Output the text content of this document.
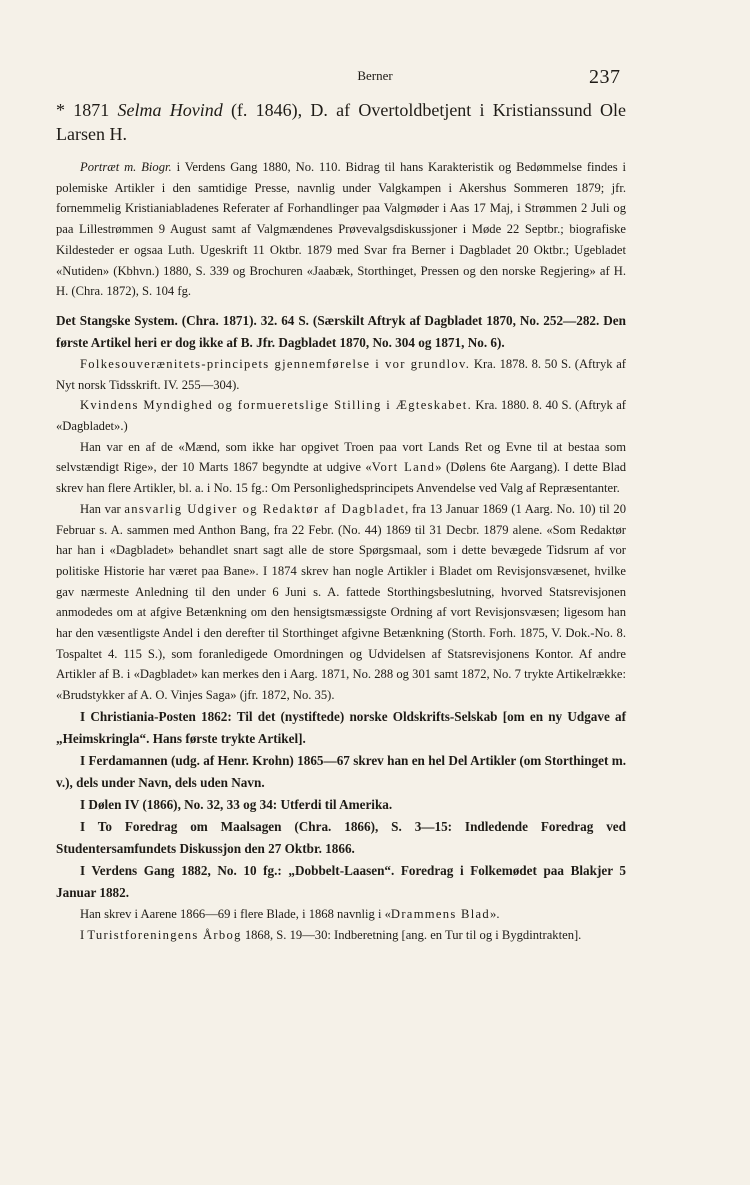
Berner	237
* 1871 Selma Hovind (f. 1846), D. af Overtoldbetjent i Kristianssund Ole Larsen H.

Portræt m. Biogr. i Verdens Gang 1880, No. 110. Bidrag til hans Karakteristik og Bedømmelse findes i polemiske Artikler i den samtidige Presse, navnlig under Valgkampen i Akershus Sommeren 1879; jfr. fornemmelig Kristianiabladenes Referater af Forhandlinger paa Valgmøder i Aas 17 Maj, i Strømmen 2 Juli og paa Lillestrømmen 9 August samt af Valgmændenes Prøvevalgsdiskussjoner i Møde 22 Septbr.; biografiske Kildesteder er ogsaa Luth. Ugeskrift 11 Oktbr. 1879 med Svar fra Berner i Dagbladet 20 Oktbr.; Ugebladet «Nutiden» (Kbhvn.) 1880, S. 339 og Brochuren «Jaabæk, Storthinget, Pressen og den norske Regjering» af H. H. (Chra. 1872), S. 104 fg.

Det Stangske System. (Chra. 1871). 32. 64 S. (Særskilt Aftryk af Dagbladet 1870, No. 252—282. Den første Artikel heri er dog ikke af B. Jfr. Dagbladet 1870, No. 304 og 1871, No. 6).

Folkesouverænitets-principets gjennemførelse i vor grundlov. Kra. 1878. 8. 50 S. (Aftryk af Nyt norsk Tidsskrift. IV. 255—304).

Kvindens Myndighed og formueretslige Stilling i Ægteskabet. Kra. 1880. 8. 40 S. (Aftryk af «Dagbladet».)

Han var en af de «Mænd, som ikke har opgivet Troen paa vort Lands Ret og Evne til at bestaa som selvstændigt Rige», der 10 Marts 1867 begyndte at udgive «Vort Land» (Dølens 6te Aargang). I dette Blad skrev han flere Artikler, bl. a. i No. 15 fg.: Om Personlighedsprincipets Anvendelse ved Valg af Repræsentanter.

Han var ansvarlig Udgiver og Redaktør af Dagbladet, fra 13 Januar 1869 (1 Aarg. No. 10) til 20 Februar s. A. sammen med Anthon Bang, fra 22 Febr. (No. 44) 1869 til 31 Decbr. 1879 alene. «Som Redaktør har han i «Dagbladet» behandlet snart sagt alle de store Spørgsmaal, som i dette bevægede Tidsrum af vor politiske Historie har været paa Bane». I 1874 skrev han nogle Artikler i Bladet om Revisjonsvæsenet, hvilke gav nærmeste Anledning til den under 6 Juni s. A. fattede Storthingsbeslutning, hvorved Statsrevisjonen anmodedes om at afgive Betænkning om den hensigtsmæssigste Ordning af vort Revisjonsvæsen; ligesom han har den væsentligste Andel i den derefter til Storthinget afgivne Betænkning (Storth. Forh. 1875, V. Dok.-No. 8. Tospaltet 4. 115 S.), som foranledigede Omordningen og Udvidelsen af Statsrevisjonens Kontor. Af andre Artikler af B. i «Dagbladet» kan merkes den i Aarg. 1871, No. 288 og 301 samt 1872, No. 7 trykte Artikelrække: «Brudstykker af A. O. Vinjes Saga» (jfr. 1872, No. 35).

I Christiania-Posten 1862: Til det (nystiftede) norske Oldskrifts-Selskab [om en ny Udgave af „Heimskringla“. Hans første trykte Artikel].

I Ferdamannen (udg. af Henr. Krohn) 1865—67 skrev han en hel Del Artikler (om Storthinget m. v.), dels under Navn, dels uden Navn.

I Dølen IV (1866), No. 32, 33 og 34: Utferdi til Amerika.

I To Foredrag om Maalsagen (Chra. 1866), S. 3—15: Indledende Foredrag ved Studentersamfundets Diskussjon den 27 Oktbr. 1866.

I Verdens Gang 1882, No. 10 fg.: „Dobbelt-Laasen“. Foredrag i Folkemødet paa Blakjer 5 Januar 1882.

Han skrev i Aarene 1866—69 i flere Blade, i 1868 navnlig i «Drammens Blad».

I Turistforeningens Årbog 1868, S. 19—30: Indberetning [ang. en Tur til og i Bygdintrakten].
